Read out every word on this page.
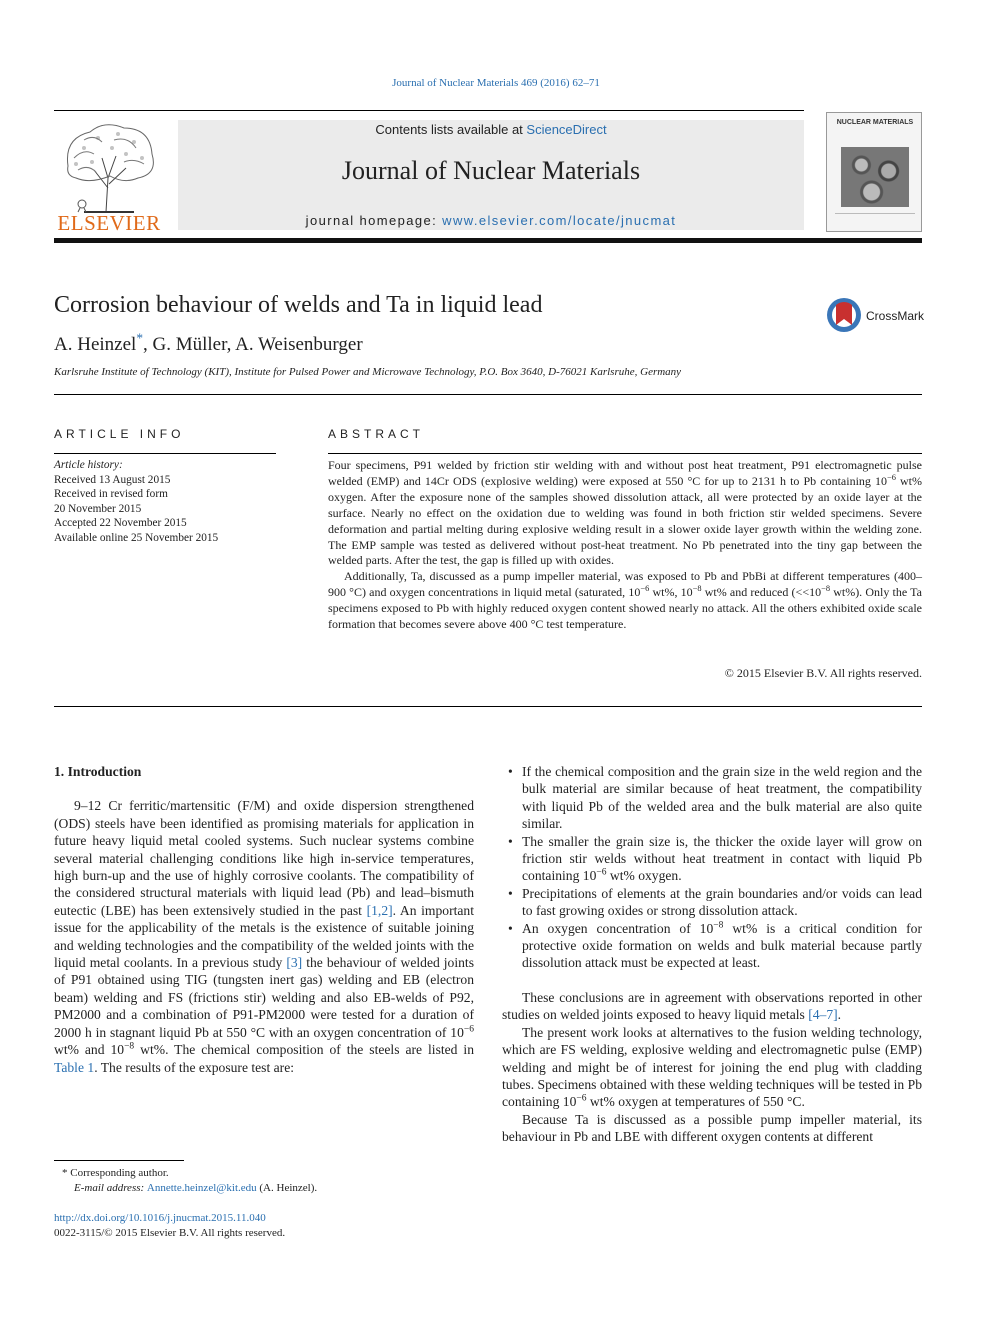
Journal of Nuclear Materials 469 (2016) 62–71
ELSEVIER
Contents lists available at ScienceDirect
Journal of Nuclear Materials
journal homepage: www.elsevier.com/locate/jnucmat
NUCLEAR MATERIALS
Corrosion behaviour of welds and Ta in liquid lead	CrossMark
A. Heinzel*, G. Müller, A. Weisenburger
Karlsruhe Institute of Technology (KIT), Institute for Pulsed Power and Microwave Technology, P.O. Box 3640, D-76021 Karlsruhe, Germany
ARTICLE INFO	ABSTRACT
Article history:
Received 13 August 2015
Received in revised form
20 November 2015
Accepted 22 November 2015
Available online 25 November 2015

Four specimens, P91 welded by friction stir welding with and without post heat treatment, P91 electromagnetic pulse welded (EMP) and 14Cr ODS (explosive welding) were exposed at 550 °C for up to 2131 h to Pb containing $10^{-6}$ wt% oxygen. After the exposure none of the samples showed dissolution attack, all were protected by an oxide layer at the surface. Nearly no effect on the oxidation due to welding was found in both friction stir welded specimens. Severe deformation and partial melting during explosive welding result in a slower oxide layer growth within the welding zone. The EMP sample was tested as delivered without post-heat treatment. No Pb penetrated into the tiny gap between the welded parts. After the test, the gap is filled up with oxides.

Additionally, Ta, discussed as a pump impeller material, was exposed to Pb and PbBi at different temperatures (400–900 °C) and oxygen concentrations in liquid metal (saturated, $10^{-6}$ wt%, $10^{-8}$ wt% and reduced ($<<10^{-8}$ wt%). Only the Ta specimens exposed to Pb with highly reduced oxygen content showed nearly no attack. All the others exhibited oxide scale formation that becomes severe above 400 °C test temperature.

© 2015 Elsevier B.V. All rights reserved.

1. Introduction

9–12 Cr ferritic/martensitic (F/M) and oxide dispersion strengthened (ODS) steels have been identified as promising materials for application in future heavy liquid metal cooled systems. Such nuclear systems combine several material challenging conditions like high in-service temperatures, high burn-up and the use of highly corrosive coolants. The compatibility of the considered structural materials with liquid lead (Pb) and lead–bismuth eutectic (LBE) has been extensively studied in the past [1,2]. An important issue for the applicability of the metals is the existence of suitable joining and welding technologies and the compatibility of the welded joints with the liquid metal coolants. In a previous study [3] the behaviour of welded joints of P91 obtained using TIG (tungsten inert gas) welding and EB (electron beam) welding and FS (frictions stir) welding and also EB-welds of P92, PM2000 and a combination of P91-PM2000 were tested for a duration of 2000 h in stagnant liquid Pb at 550 °C with an oxygen concentration of $10^{-6}$ wt% and $10^{-8}$ wt%. The chemical composition of the steels are listed in Table 1. The results of the exposure test are:

• If the chemical composition and the grain size in the weld region and the bulk material are similar because of heat treatment, the compatibility with liquid Pb of the welded area and the bulk material are also quite similar.
• The smaller the grain size is, the thicker the oxide layer will grow on friction stir welds without heat treatment in contact with liquid Pb containing $10^{-6}$ wt% oxygen.
• Precipitations of elements at the grain boundaries and/or voids can lead to fast growing oxides or strong dissolution attack.
• An oxygen concentration of $10^{-8}$ wt% is a critical condition for protective oxide formation on welds and bulk material because partly dissolution attack must be expected at least.

These conclusions are in agreement with observations reported in other studies on welded joints exposed to heavy liquid metals [4–7].

The present work looks at alternatives to the fusion welding technology, which are FS welding, explosive welding and electromagnetic pulse (EMP) welding and might be of interest for joining the end plug with cladding tubes. Specimens obtained with these welding techniques will be tested in Pb containing $10^{-6}$ wt% oxygen at temperatures of 550 °C.

Because Ta is discussed as a possible pump impeller material, its behaviour in Pb and LBE with different oxygen contents at different

* Corresponding author.
E-mail address: Annette.heinzel@kit.edu (A. Heinzel).
http://dx.doi.org/10.1016/j.jnucmat.2015.11.040
0022-3115/© 2015 Elsevier B.V. All rights reserved.
